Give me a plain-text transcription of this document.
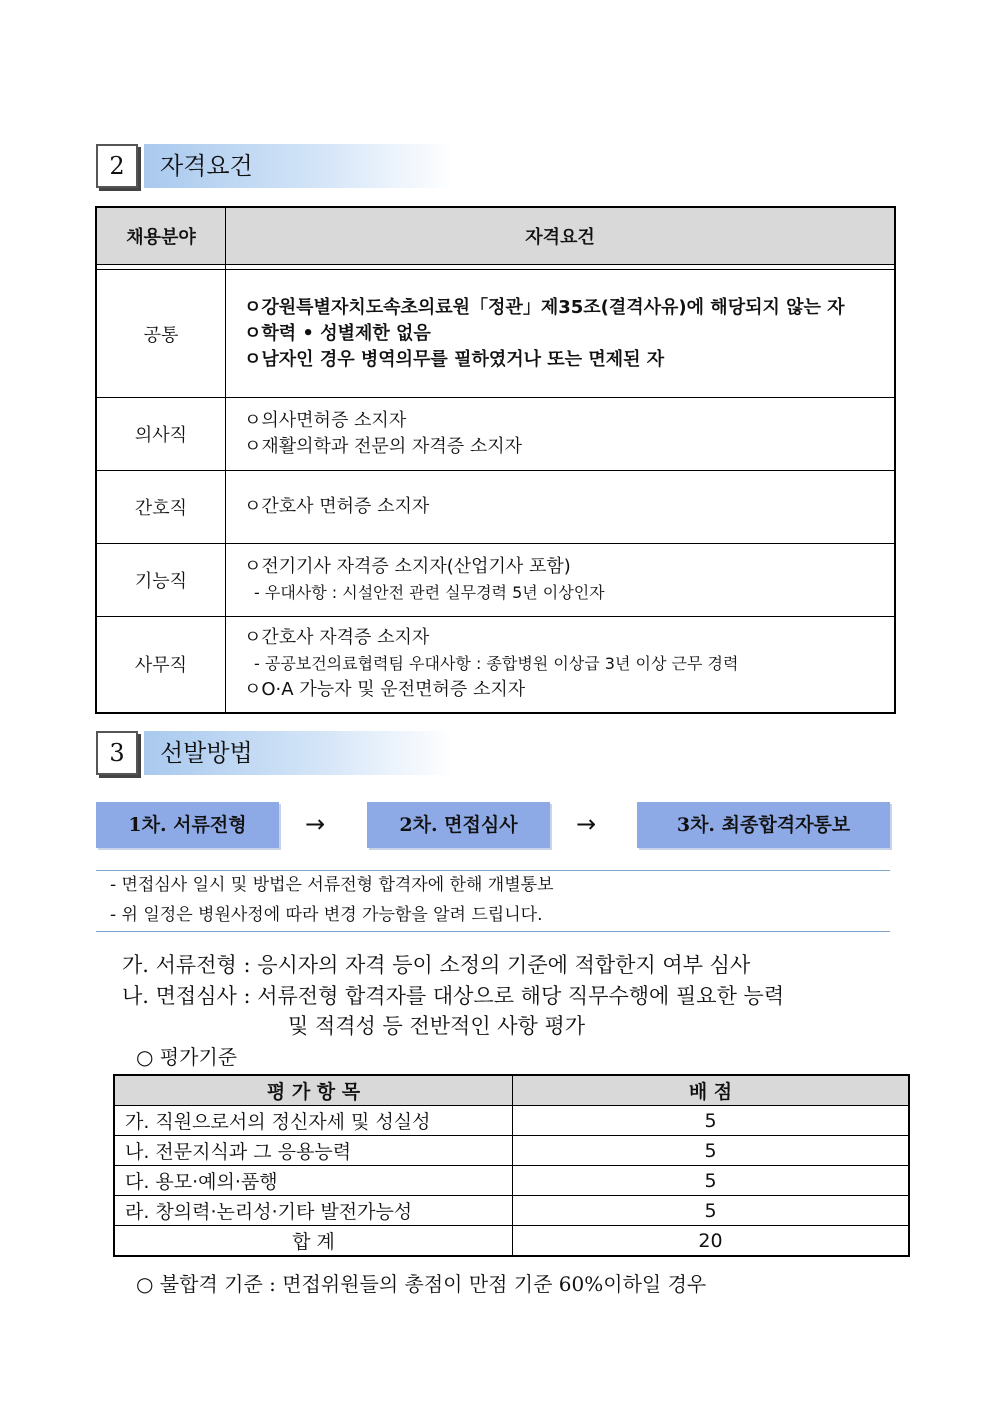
2	자격요건
채용분야	자격요건

공통	ㅇ강원특별자치도속초의료원「정관」제35조(결격사유)에 해당되지 않는 자
ㅇ학력 • 성별제한 없음
ㅇ남자인 경우 병역의무를 필하였거나 또는 면제된 자

의사직	ㅇ의사면허증 소지자
ㅇ재활의학과 전문의 자격증 소지자

간호직	ㅇ간호사 면허증 소지자

기능직	ㅇ전기기사 자격증 소지자(산업기사 포함)
- 우대사항 : 시설안전 관련 실무경력 5년 이상인자

사무직	ㅇ간호사 자격증 소지자
- 공공보건의료협력팀 우대사항 : 종합병원 이상급 3년 이상 근무 경력
ㅇO·A 가능자 및 운전면허증 소지자
3	선발방법
1차. 서류전형	→	2차. 면접심사	→	3차. 최종합격자통보
- 면접심사 일시 및 방법은 서류전형 합격자에 한해 개별통보
- 위 일정은 병원사정에 따라 변경 가능함을 알려 드립니다.
가. 서류전형 : 응시자의 자격 등이 소정의 기준에 적합한지 여부 심사
나. 면접심사 : 서류전형 합격자를 대상으로 해당 직무수행에 필요한 능력
및 적격성 등 전반적인 사항 평가
○ 평가기준
평 가 항 목	배 점
가. 직원으로서의 정신자세 및 성실성	5
나. 전문지식과 그 응용능력	5
다. 용모·예의·품행	5
라. 창의력·논리성·기타 발전가능성	5
합 계	20
○ 불합격 기준 : 면접위원들의 총점이 만점 기준 60%이하일 경우
